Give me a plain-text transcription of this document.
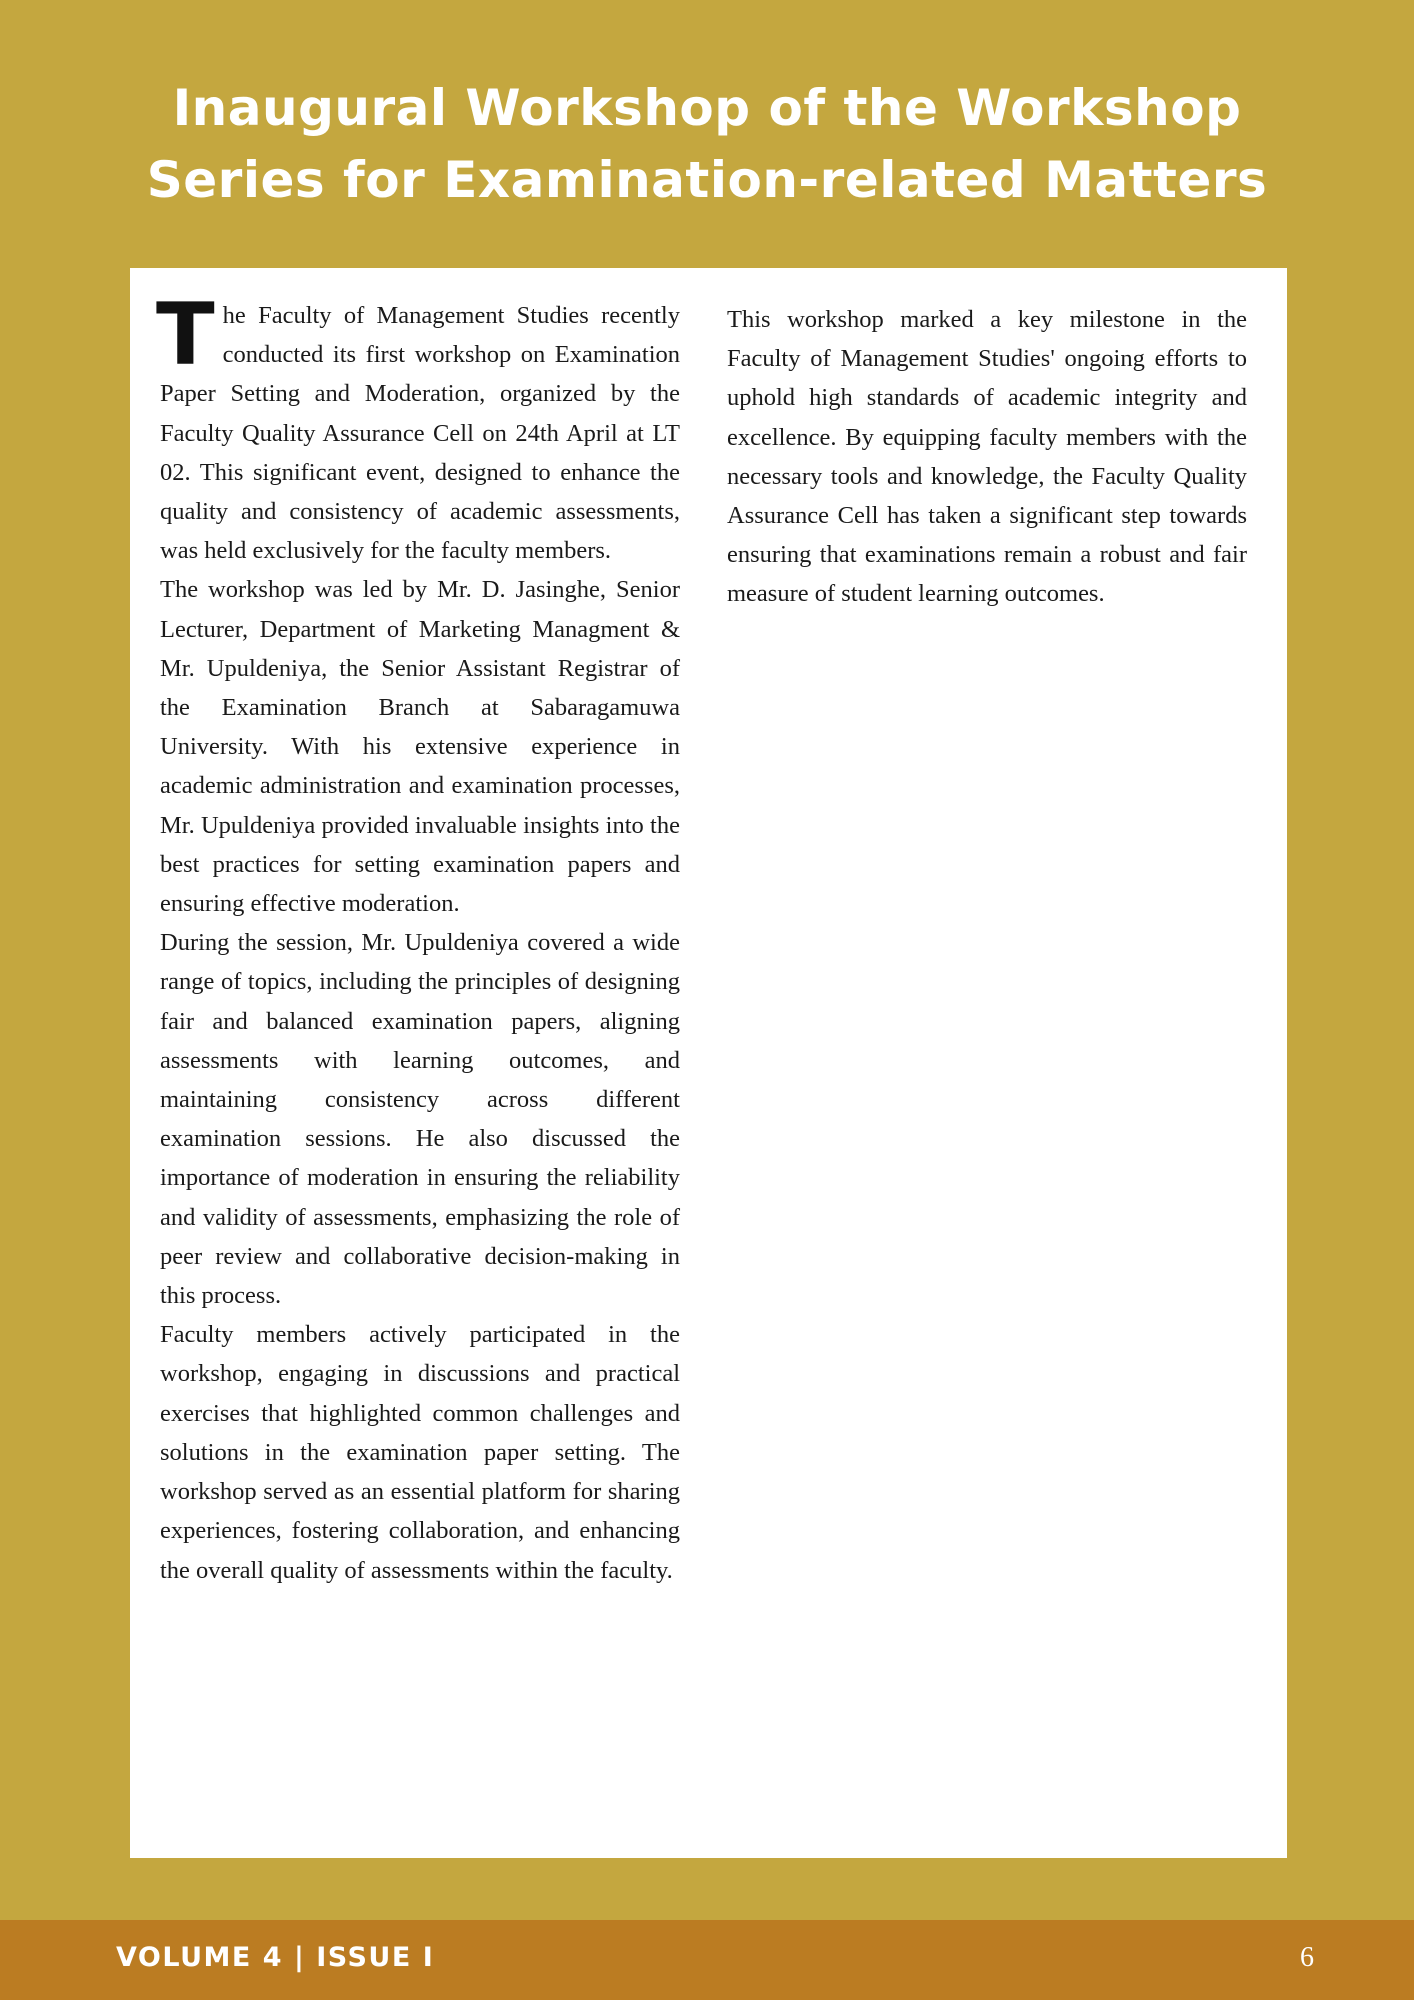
Inaugural Workshop of the Workshop
Series for Examination-related Matters

The Faculty of Management Studies recently conducted its first workshop on Examination Paper Setting and Moderation, organized by the Faculty Quality Assurance Cell on 24th April at LT 02. This significant event, designed to enhance the quality and consistency of academic assessments, was held exclusively for the faculty members.

The workshop was led by Mr. D. Jasinghe, Senior Lecturer, Department of Marketing Managment & Mr. Upuldeniya, the Senior Assistant Registrar of the Examination Branch at Sabaragamuwa University. With his extensive experience in academic administration and examination processes, Mr. Upuldeniya provided invaluable insights into the best practices for setting examination papers and ensuring effective moderation.

During the session, Mr. Upuldeniya covered a wide range of topics, including the principles of designing fair and balanced examination papers, aligning assessments with learning outcomes, and maintaining consistency across different examination sessions. He also discussed the importance of moderation in ensuring the reliability and validity of assessments, emphasizing the role of peer review and collaborative decision-making in this process.

Faculty members actively participated in the workshop, engaging in discussions and practical exercises that highlighted common challenges and solutions in the examination paper setting. The workshop served as an essential platform for sharing experiences, fostering collaboration, and enhancing the overall quality of assessments within the faculty.

This workshop marked a key milestone in the Faculty of Management Studies' ongoing efforts to uphold high standards of academic integrity and excellence. By equipping faculty members with the necessary tools and knowledge, the Faculty Quality Assurance Cell has taken a significant step towards ensuring that examinations remain a robust and fair measure of student learning outcomes.

VOLUME 4 | ISSUE I	6
